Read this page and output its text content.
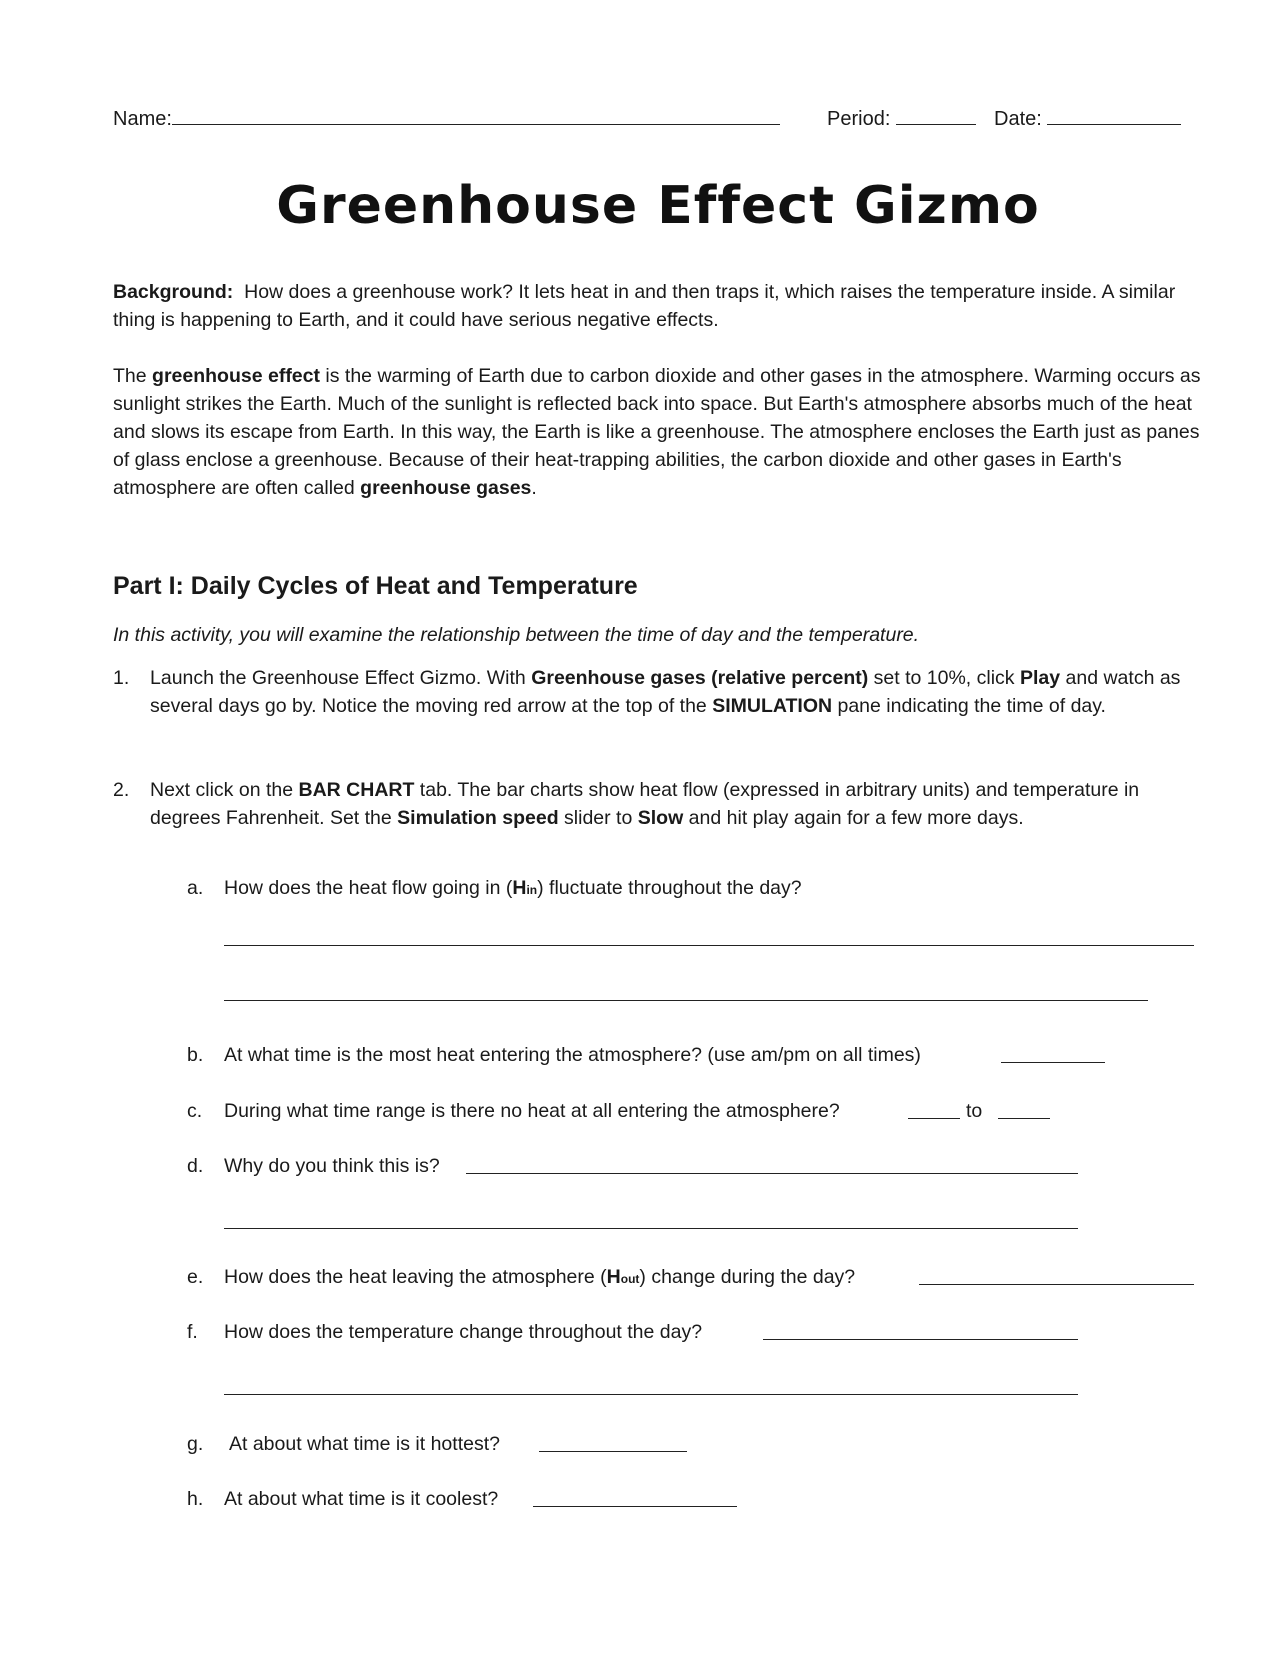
Name:	Period:	Date:
Greenhouse Effect Gizmo
Background: How does a greenhouse work? It lets heat in and then traps it, which raises the temperature inside. A similar thing is happening to Earth, and it could have serious negative effects.
The greenhouse effect is the warming of Earth due to carbon dioxide and other gases in the atmosphere. Warming occurs as sunlight strikes the Earth. Much of the sunlight is reflected back into space. But Earth's atmosphere absorbs much of the heat and slows its escape from Earth. In this way, the Earth is like a greenhouse. The atmosphere encloses the Earth just as panes of glass enclose a greenhouse. Because of their heat-trapping abilities, the carbon dioxide and other gases in Earth's atmosphere are often called greenhouse gases.
Part I: Daily Cycles of Heat and Temperature
In this activity, you will examine the relationship between the time of day and the temperature.
1. Launch the Greenhouse Effect Gizmo. With Greenhouse gases (relative percent) set to 10%, click Play and watch as several days go by. Notice the moving red arrow at the top of the SIMULATION pane indicating the time of day.
2. Next click on the BAR CHART tab. The bar charts show heat flow (expressed in arbitrary units) and temperature in degrees Fahrenheit. Set the Simulation speed slider to Slow and hit play again for a few more days.
a. How does the heat flow going in (Hin) fluctuate throughout the day?
b. At what time is the most heat entering the atmosphere? (use am/pm on all times)
c. During what time range is there no heat at all entering the atmosphere?	to
d. Why do you think this is?
e. How does the heat leaving the atmosphere (Hout) change during the day?
f. How does the temperature change throughout the day?
g. At about what time is it hottest?
h. At about what time is it coolest?
